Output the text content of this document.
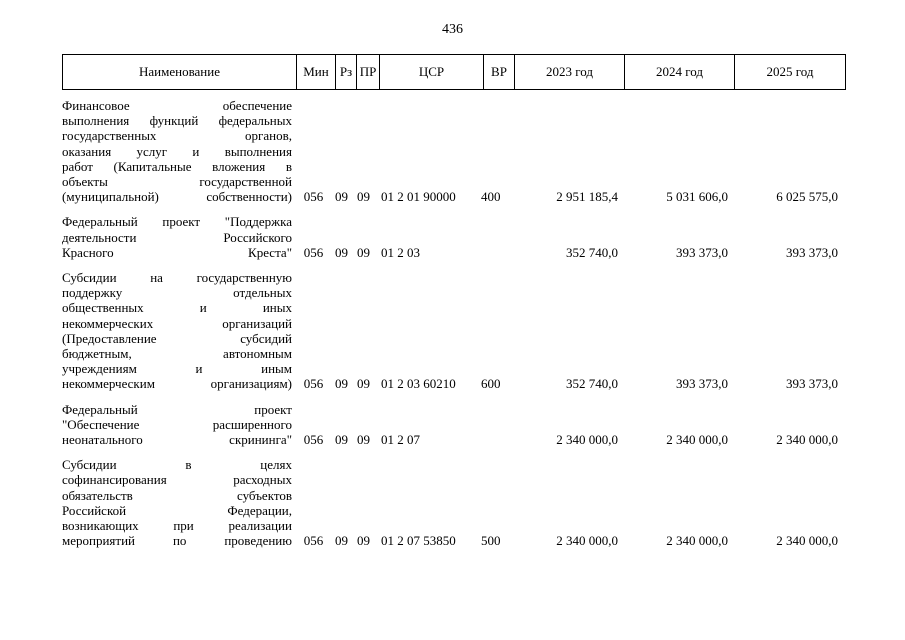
436
Наименование	Мин Рз ПР	ЦСР	ВР	2023 год	2024 год	2025 год
Финансовое	обеспечение
выполнения функций федеральных
государственных	органов,
оказания услуг и выполнения
работ (Капитальные вложения в
объекты	государственной
(муниципальной)	собственности) 056 09 09 01 2 01 90000	400	2 951 185,4	5 031 606,0	6 025 575,0
Федеральный проект "Поддержка
деятельности	Российского
Красного	Креста" 056 09 09 01 2 03	352 740,0	393 373,0	393 373,0
Субсидии	на	государственную
поддержку	отдельных
общественных	и	иных
некоммерческих	организаций
(Предоставление	субсидий
бюджетным,	автономным
учреждениям	и	иным
некоммерческим	организациям) 056 09 09 01 2 03 60210	600	352 740,0	393 373,0	393 373,0
Федеральный	проект
"Обеспечение	расширенного
неонатального	скрининга" 056 09 09 01 2 07	2 340 000,0	2 340 000,0	2 340 000,0
Субсидии	в	целях
софинансирования	расходных
обязательств	субъектов
Российской	Федерации,
возникающих	при	реализации
мероприятий	по	проведению 056 09 09 01 2 07 53850	500	2 340 000,0	2 340 000,0	2 340 000,0
